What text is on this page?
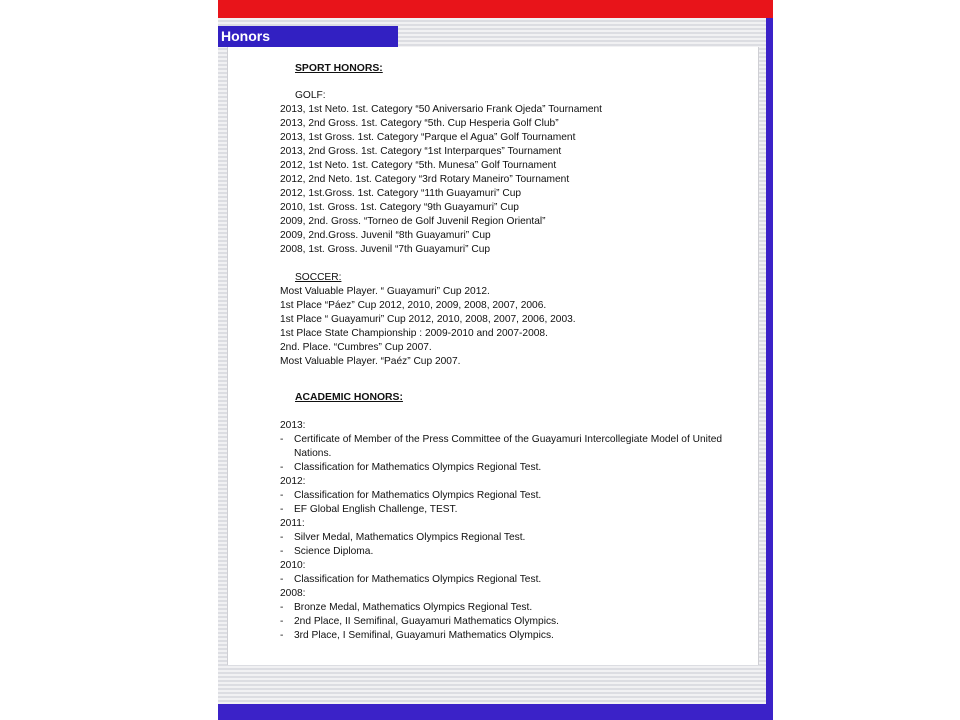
Honors
SPORT HONORS:
GOLF:
2013, 1st Neto. 1st. Category “50 Aniversario Frank Ojeda” Tournament
2013, 2nd Gross. 1st. Category “5th. Cup Hesperia Golf Club”
2013, 1st Gross. 1st. Category “Parque el Agua” Golf Tournament
2013, 2nd Gross. 1st. Category “1st Interparques” Tournament
2012, 1st Neto. 1st. Category “5th. Munesa” Golf Tournament
2012, 2nd Neto. 1st. Category “3rd Rotary Maneiro” Tournament
2012, 1st.Gross. 1st. Category “11th Guayamuri” Cup
2010, 1st. Gross. 1st. Category “9th Guayamuri” Cup
2009, 2nd. Gross. “Torneo de Golf Juvenil Region Oriental”
2009, 2nd.Gross. Juvenil “8th Guayamuri” Cup
2008, 1st. Gross. Juvenil “7th Guayamuri” Cup
SOCCER:
Most Valuable Player. “ Guayamuri” Cup 2012.
1st Place “Páez” Cup 2012, 2010, 2009, 2008, 2007, 2006.
1st Place “ Guayamuri” Cup 2012, 2010, 2008, 2007, 2006, 2003.
1st Place State Championship : 2009-2010 and 2007-2008.
2nd. Place. “Cumbres” Cup 2007.
Most Valuable Player. “Paéz” Cup 2007.
ACADEMIC HONORS:
2013:
-	Certificate of Member of the Press Committee of the Guayamuri Intercollegiate Model of United Nations.
-	Classification for Mathematics Olympics Regional Test.
2012:
-	Classification for Mathematics Olympics Regional Test.
-	EF Global English Challenge, TEST.
2011:
-	Silver Medal, Mathematics Olympics Regional Test.
-	Science Diploma.
2010:
-	Classification for Mathematics Olympics Regional Test.
2008:
-	Bronze Medal, Mathematics Olympics Regional Test.
-	2nd Place, II Semifinal, Guayamuri Mathematics Olympics.
-	3rd Place, I Semifinal, Guayamuri Mathematics Olympics.
